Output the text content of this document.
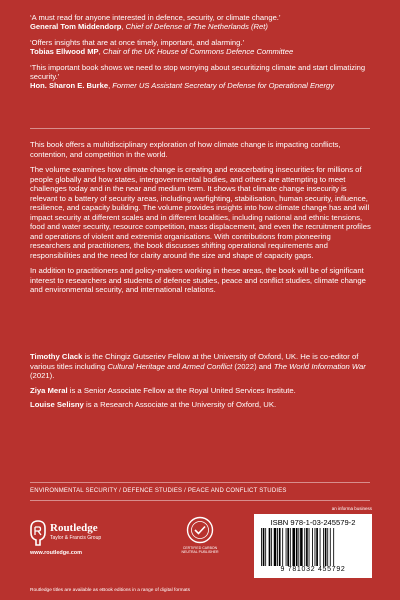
‘A must read for anyone interested in defence, security, or climate change.’
General Tom Middendorp, Chief of Defense of The Netherlands (Ret)
‘Offers insights that are at once timely, important, and alarming.’
Tobias Ellwood MP, Chair of the UK House of Commons Defence Committee
‘This important book shows we need to stop worrying about securitizing climate and start climatizing security.’
Hon. Sharon E. Burke, Former US Assistant Secretary of Defense for Operational Energy

This book offers a multidisciplinary exploration of how climate change is impacting conflicts, contention, and competition in the world.

The volume examines how climate change is creating and exacerbating insecurities for millions of people globally and how states, intergovernmental bodies, and others are attempting to meet challenges today and in the near and medium term. It shows that climate change insecurity is relevant to a battery of security areas, including warfighting, stabilisation, human security, influence, resilience, and capacity building. The volume provides insights into how climate change has and will impact security at different scales and in different localities, including national and ethnic tensions, food and water security, resource competition, mass displacement, and even the recruitment profiles and operations of violent and extremist organisations. With contributions from pioneering researchers and practitioners, the book discusses shifting operational requirements and responsibilities and the need for clarity around the size and shape of capacity gaps.

In addition to practitioners and policy-makers working in these areas, the book will be of significant interest to researchers and students of defence studies, peace and conflict studies, climate change and environmental security, and international relations.

Timothy Clack is the Chingiz Gutseriev Fellow at the University of Oxford, UK. He is co-editor of various titles including Cultural Heritage and Armed Conflict (2022) and The World Information War (2021).

Ziya Meral is a Senior Associate Fellow at the Royal United Services Institute.

Louise Selisny is a Research Associate at the University of Oxford, UK.

ENVIRONMENTAL SECURITY / DEFENCE STUDIES / PEACE AND CONFLICT STUDIES
Routledge
Taylor & Francis Group
www.routledge.com
CERTIFIED CARBON NEUTRAL PUBLISHER
an informa business
ISBN 978-1-03-245579-2
9 781032 455792
Routledge titles are available as eBook editions in a range of digital formats
